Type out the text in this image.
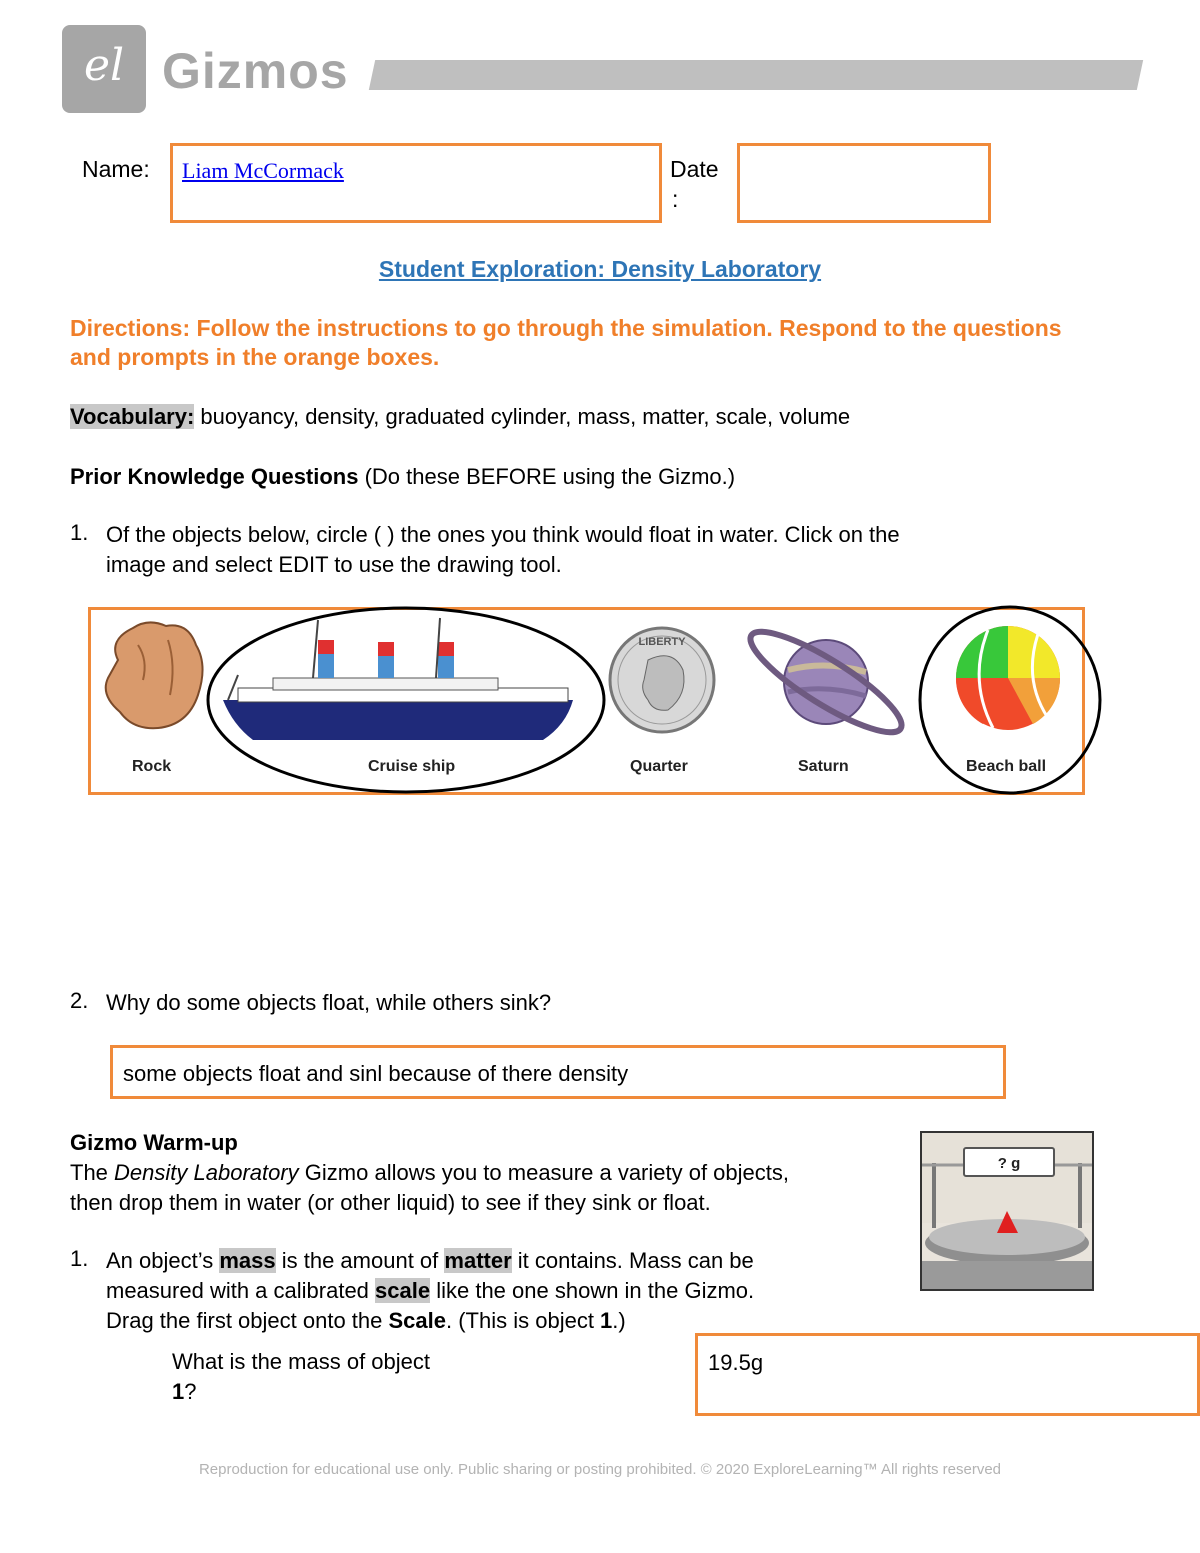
el Gizmos
Name: Liam McCormack	Date
:
Student Exploration: Density Laboratory
Directions: Follow the instructions to go through the simulation. Respond to the questions and prompts in the orange boxes.
Vocabulary: buoyancy, density, graduated cylinder, mass, matter, scale, volume
Prior Knowledge Questions (Do these BEFORE using the Gizmo.)
1. Of the objects below, circle ( ) the ones you think would float in water. Click on the
image and select EDIT to use the drawing tool.
LIBERTY
Rock	Cruise ship	Quarter	Saturn	Beach ball
2. Why do some objects float, while others sink?
some objects float and sinl because of there density
Gizmo Warm-up
The Density Laboratory Gizmo allows you to measure a variety of objects,
then drop them in water (or other liquid) to see if they sink or float.
? g
1. An object’s mass is the amount of matter it contains. Mass can be
measured with a calibrated scale like the one shown in the Gizmo.
Drag the first object onto the Scale. (This is object 1.)
What is the mass of object
1?
19.5g
Reproduction for educational use only. Public sharing or posting prohibited. © 2020 ExploreLearning™ All rights reserved
